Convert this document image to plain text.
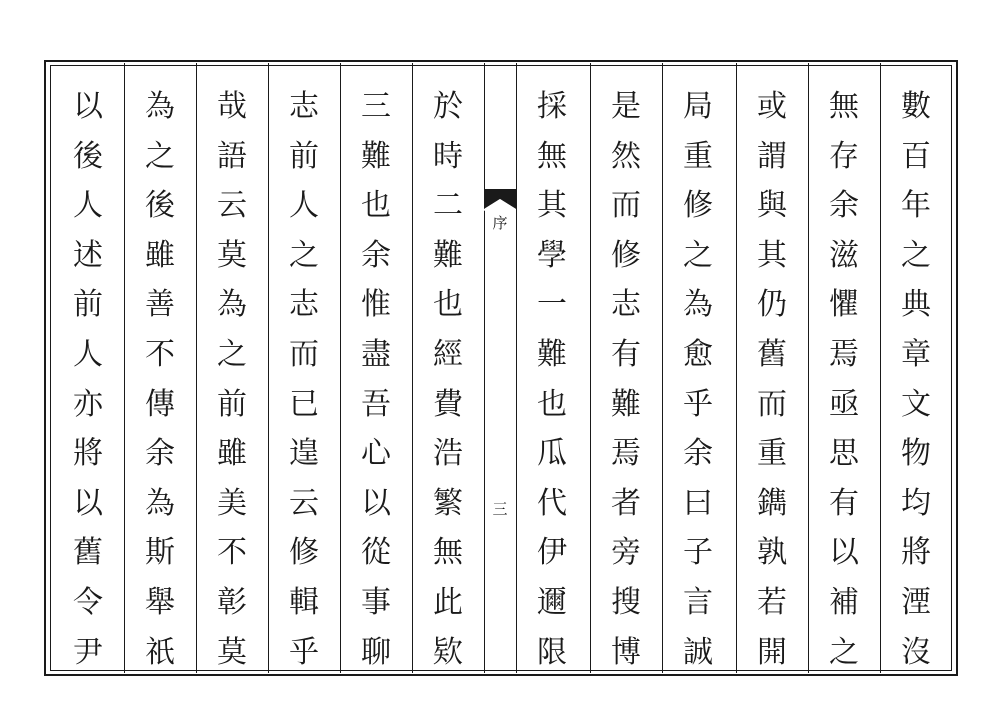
數
百
年
之
典
章
文
物
均
將
湮
沒
無
存
余
滋
懼
焉
亟
思
有
以
補
之
或
謂
與
其
仍
舊
而
重
鐫
孰
若
開
局
重
修
之
為
愈
乎
余
曰
子
言
誠
是
然
而
修
志
有
難
焉
者
旁
搜
博
採
無
其
學
一
難
也
瓜
代
伊
邇
限
於
時
二
難
也
經
費
浩
繁
無
此
欵
三
難
也
余
惟
盡
吾
心
以
從
事
聊
志
前
人
之
志
而
已
遑
云
修
輯
乎
哉
語
云
莫
為
之
前
雖
美
不
彰
莫
為
之
後
雖
善
不
傳
余
為
斯
舉
祇
以
後
人
述
前
人
亦
將
以
舊
令
尹
序
三
